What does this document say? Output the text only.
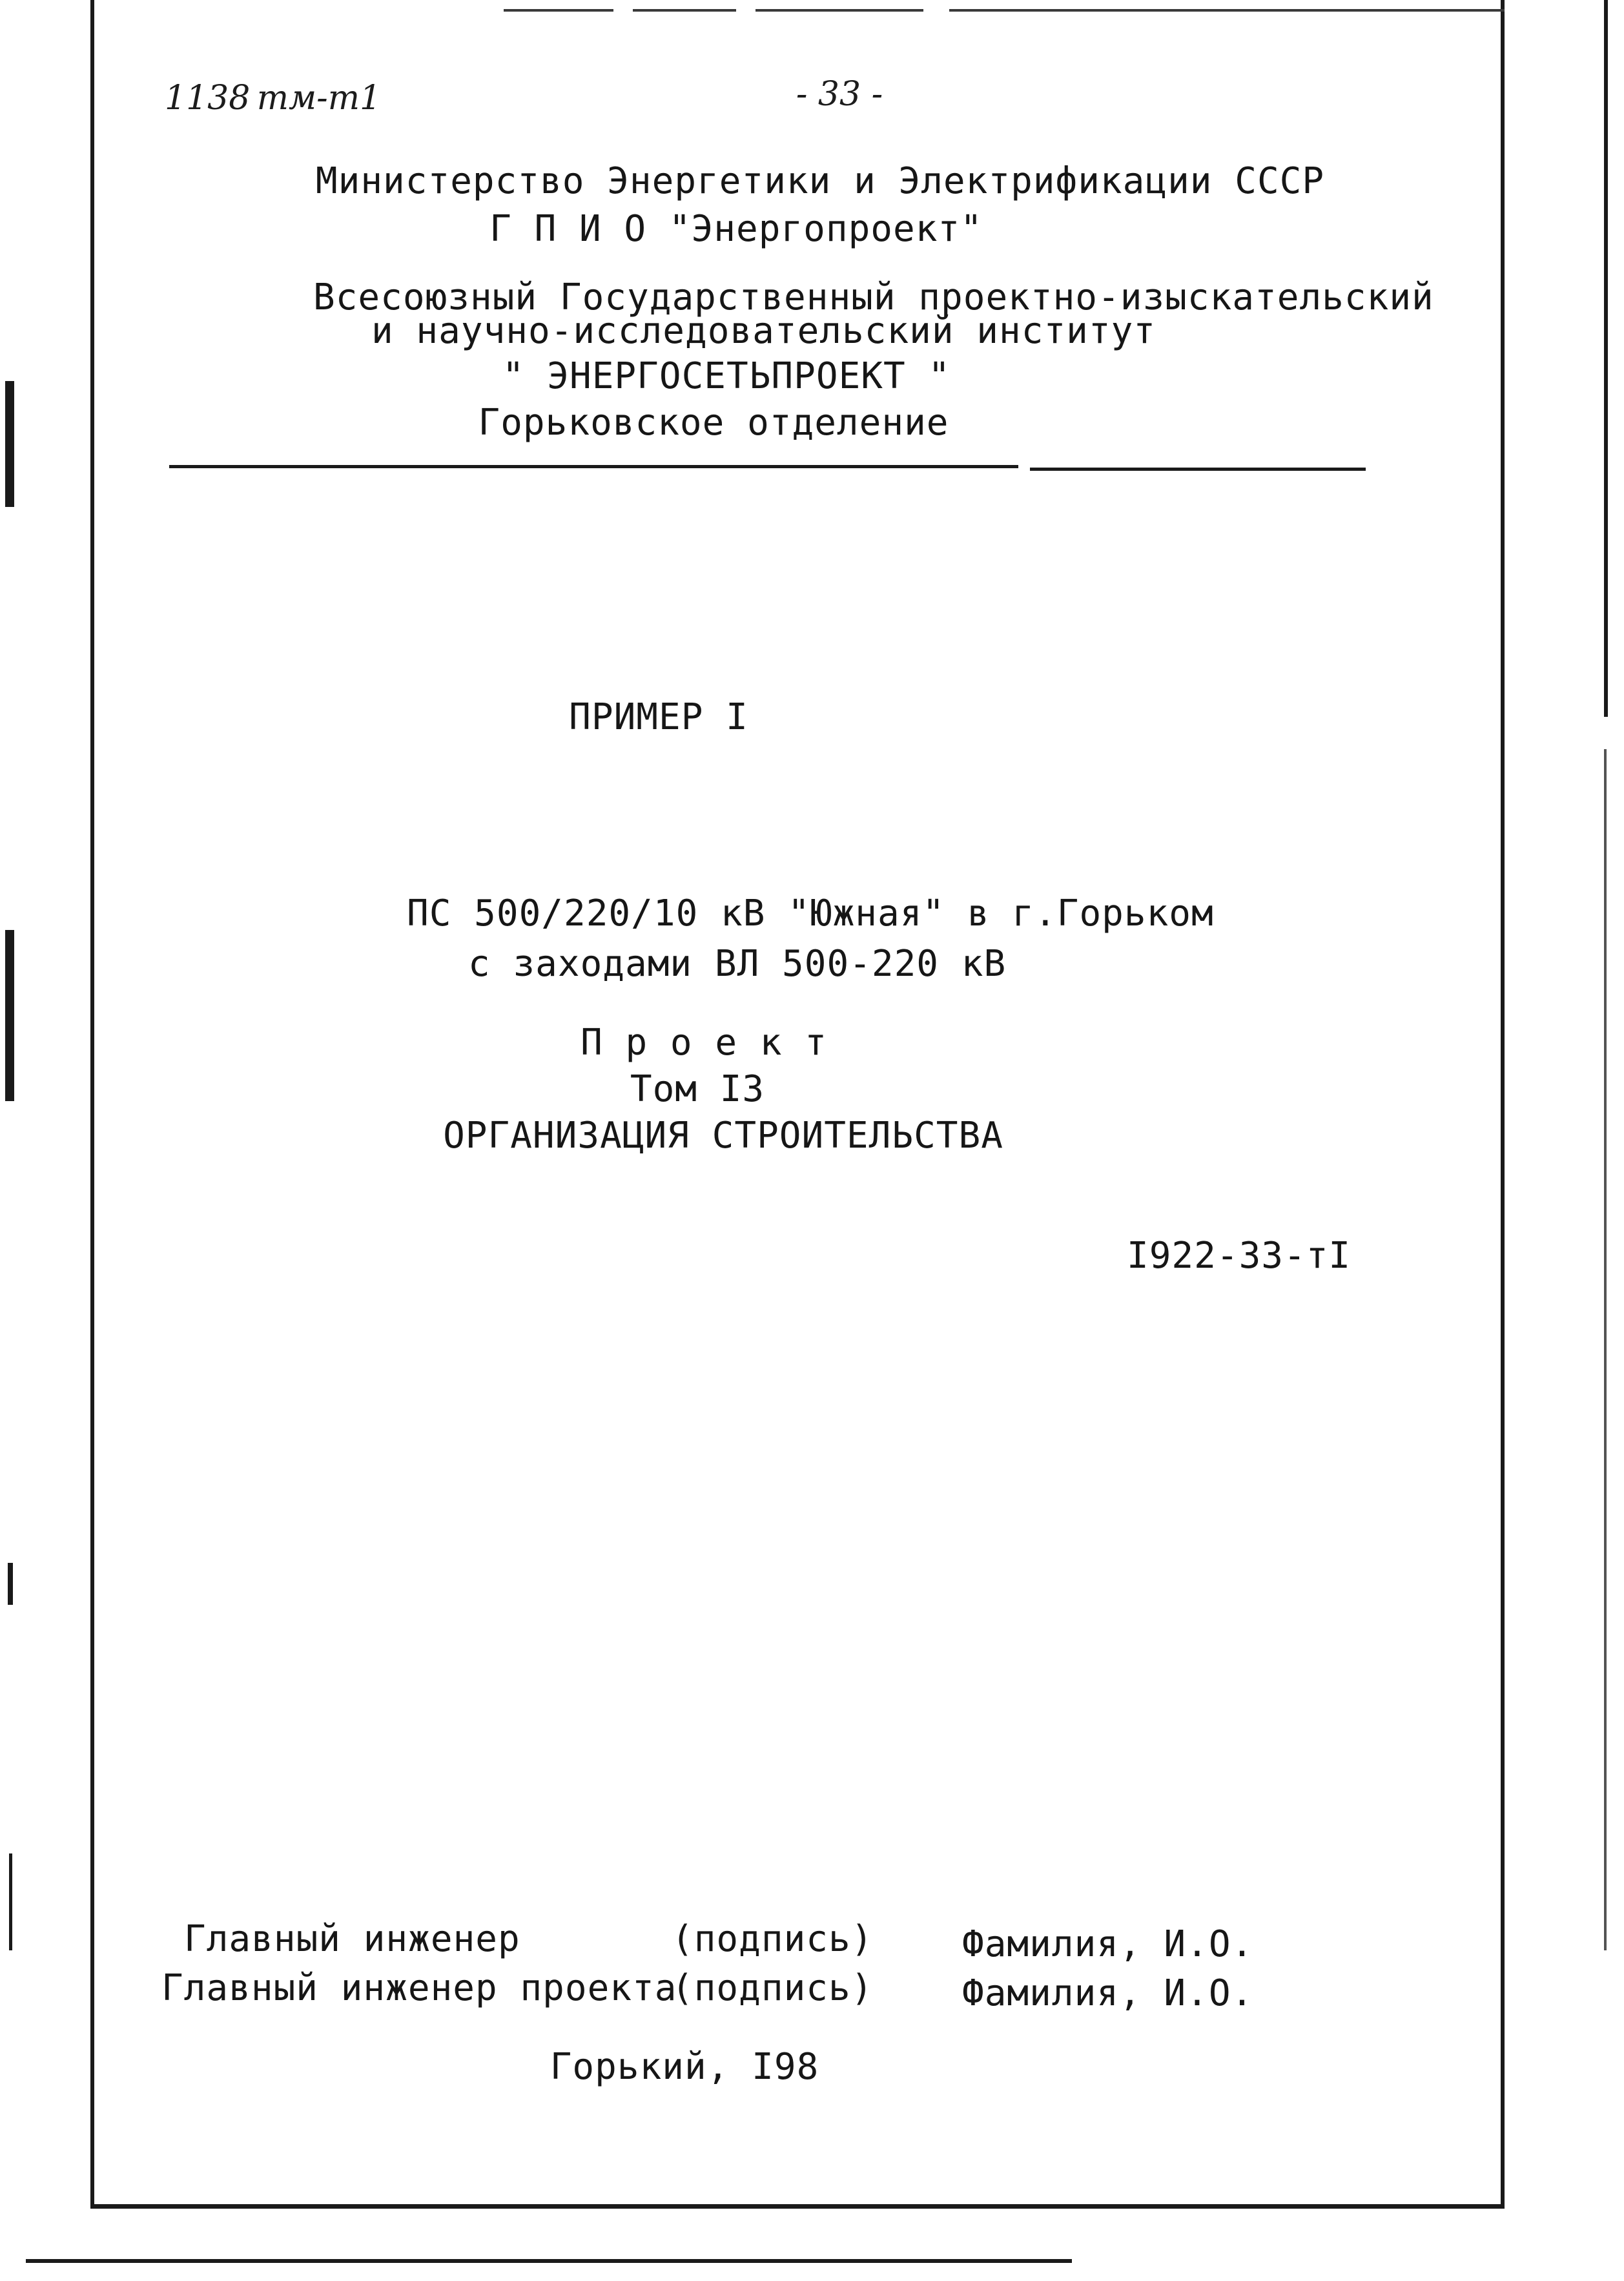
1138 тм-т1	- 33 -
Министерство Энергетики и Электрификации СССР
Г П И О "Энергопроект"
Всесоюзный Государственный проектно-изыскательский
и научно-исследовательский институт
" ЭНЕРГОСЕТЬПРОЕКТ "
Горьковское отделение
ПРИМЕР I
ПС 500/220/10 кВ "Южная" в г.Горьком
с заходами ВЛ 500-220 кВ
П р о е к т
Том I3
ОРГАНИЗАЦИЯ СТРОИТЕЛЬСТВА
I922-33-тI
Главный инженер	(подпись) Фамилия, И.О.
Главный инженер проекта
(подпись) Фамилия, И.О.
Горький, I98
